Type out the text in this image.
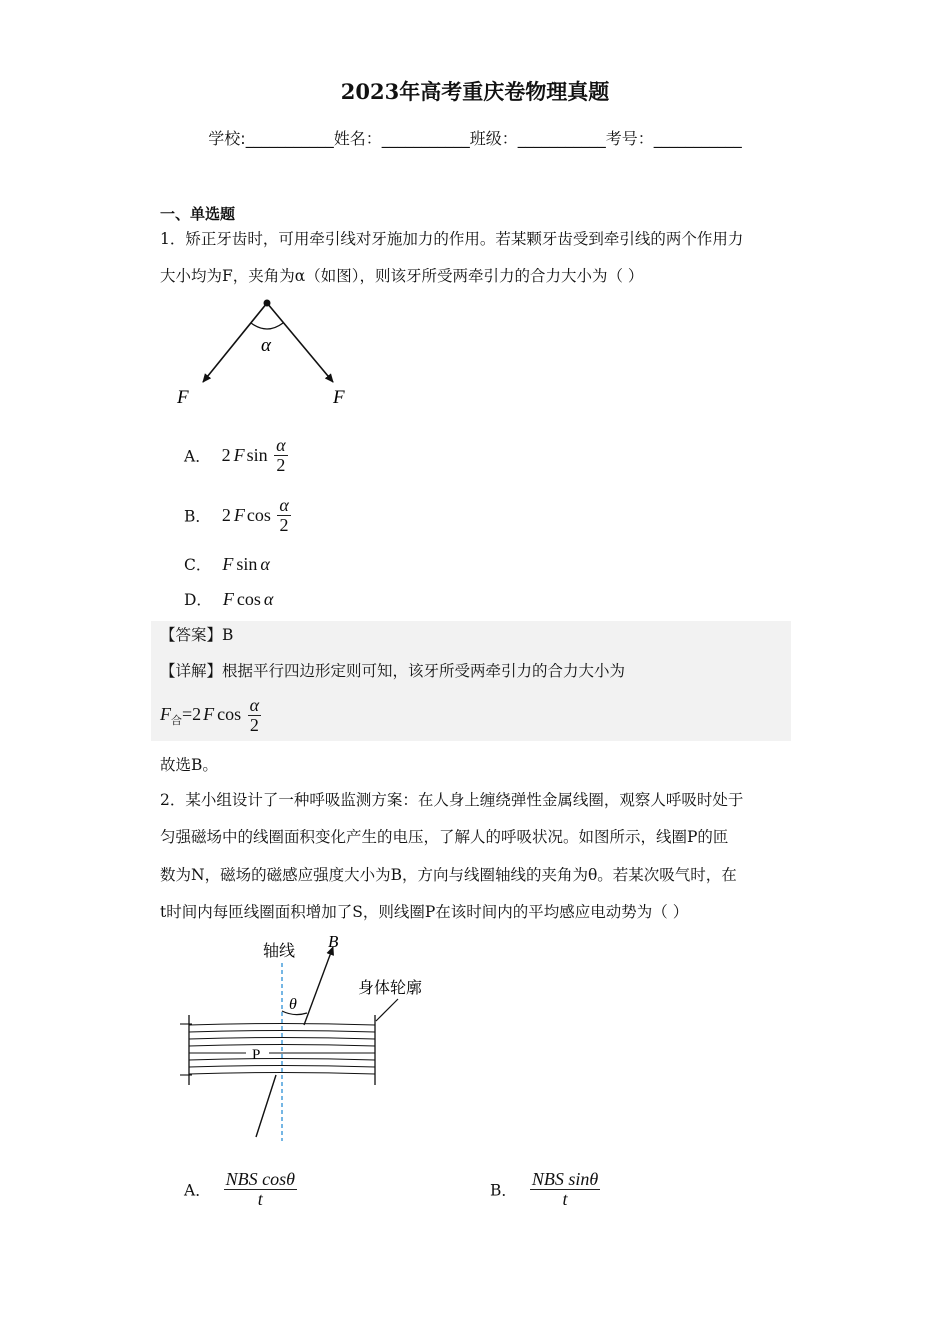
2023年高考重庆卷物理真题
学校:___________姓名：___________班级：___________考号：___________
一、单选题
1．矫正牙齿时，可用牵引线对牙施加力的作用。若某颗牙齿受到牵引线的两个作用力
大小均为F，夹角为α（如图），则该牙所受两牵引力的合力大小为（ ）
α
F	F
A． 2 F $\sin \frac{\alpha}{2}$
B． 2 F $\cos \frac{\alpha}{2}$
C． F sin α
D． F cos α
【答案】B
【详解】根据平行四边形定则可知，该牙所受两牵引力的合力大小为
$F_合=2$ F $\cos \frac{\alpha}{2}$
故选B。
2．某小组设计了一种呼吸监测方案：在人身上缠绕弹性金属线圈，观察人呼吸时处于
匀强磁场中的线圈面积变化产生的电压，了解人的呼吸状况。如图所示，线圈P的匝
数为N，磁场的磁感应强度大小为B，方向与线圈轴线的夹角为θ。若某次吸气时，在
t时间内每匝线圈面积增加了S，则线圈P在该时间内的平均感应电动势为（ ）
轴线 B
θ
身体轮廓
P
A． $\frac{\text{NBS cosθ}}{t}$	B． $\frac{\text{NBS sinθ}}{t}$
